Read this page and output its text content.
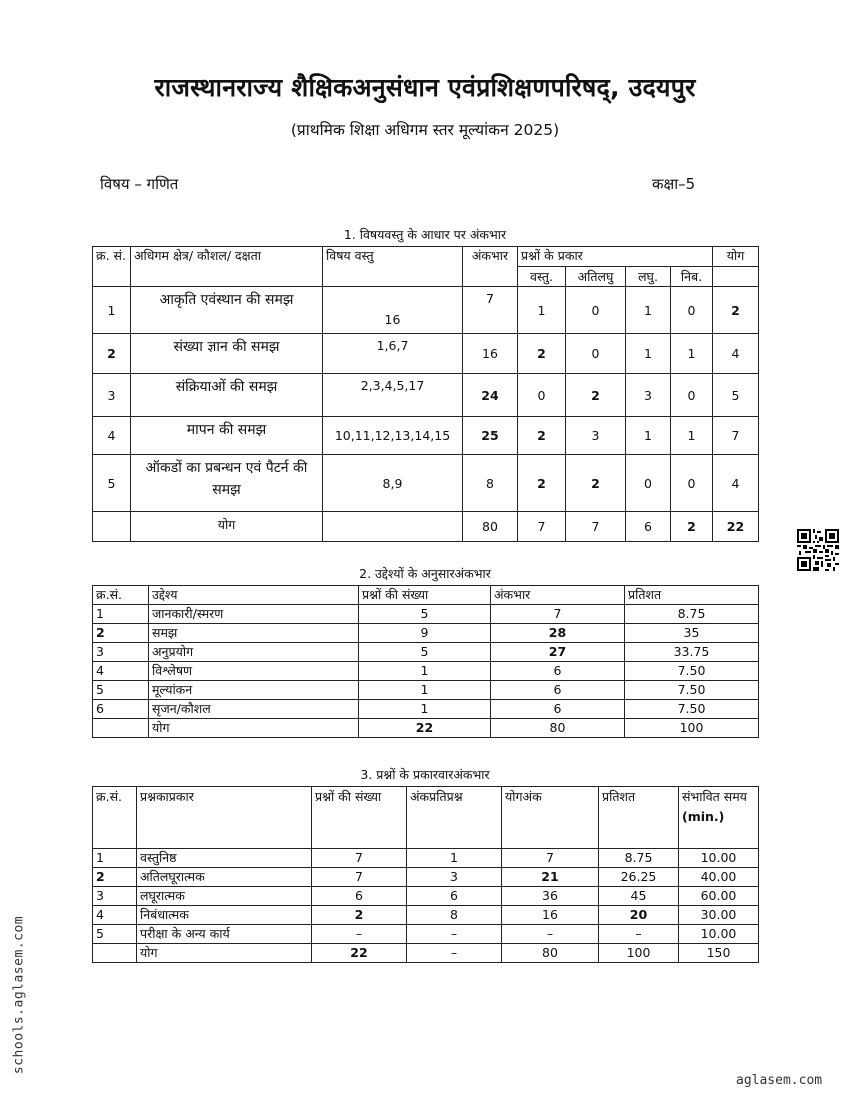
राजस्थानराज्य शैक्षिकअनुसंधान एवंप्रशिक्षणपरिषद्, उदयपुर
(प्राथमिक शिक्षा अधिगम स्तर मूल्यांकन 2025)
विषय – गणित	कक्षा–5
1. विषयवस्तु के आधार पर अंकभार
क्र. सं.	अधिगम क्षेत्र/ कौशल/ दक्षता	विषय वस्तु	अंकभार	प्रश्नों के प्रकार				योग
				वस्तु.	अतिलघु	लघु.	निब.	
1	आकृति एवंस्थान की समझ	16	7	1	0	1	0	2
2	संख्या ज्ञान की समझ	1,6,7	16	2	0	1	1	4
3	संक्रियाओं की समझ	2,3,4,5,17	24	0	2	3	0	5
4	मापन की समझ	10,11,12,13,14,15	25	2	3	1	1	7
5	ऑकडों का प्रबन्धन एवं पैटर्न की समझ	8,9	8	2	2	0	0	4
	योग		80	7	7	6	2	22
2. उद्देश्यों के अनुसारअंकभार
क्र.सं.	उद्देश्य	प्रश्नों की संख्या	अंकभार	प्रतिशत
1	जानकारी/स्मरण	5	7	8.75
2	समझ	9	28	35
3	अनुप्रयोग	5	27	33.75
4	विश्लेषण	1	6	7.50
5	मूल्यांकन	1	6	7.50
6	सृजन/कौशल	1	6	7.50
	योग	22	80	100
3. प्रश्नों के प्रकारवारअंकभार
क्र.सं.	प्रश्नकाप्रकार	प्रश्नों की संख्या	अंकप्रतिप्रश्न	योगअंक	प्रतिशत	संभावित समय
(min.)

1	वस्तुनिष्ठ	7	1	7	8.75	10.00
2	अतिलघूरात्मक	7	3	21	26.25	40.00
3	लघूरात्मक	6	6	36	45	60.00
4	निबंधात्मक	2	8	16	20	30.00
5	परीक्षा के अन्य कार्य	–	–	–	–	10.00
	योग	22	–	80	100	150
schools.aglasem.com
aglasem.com
